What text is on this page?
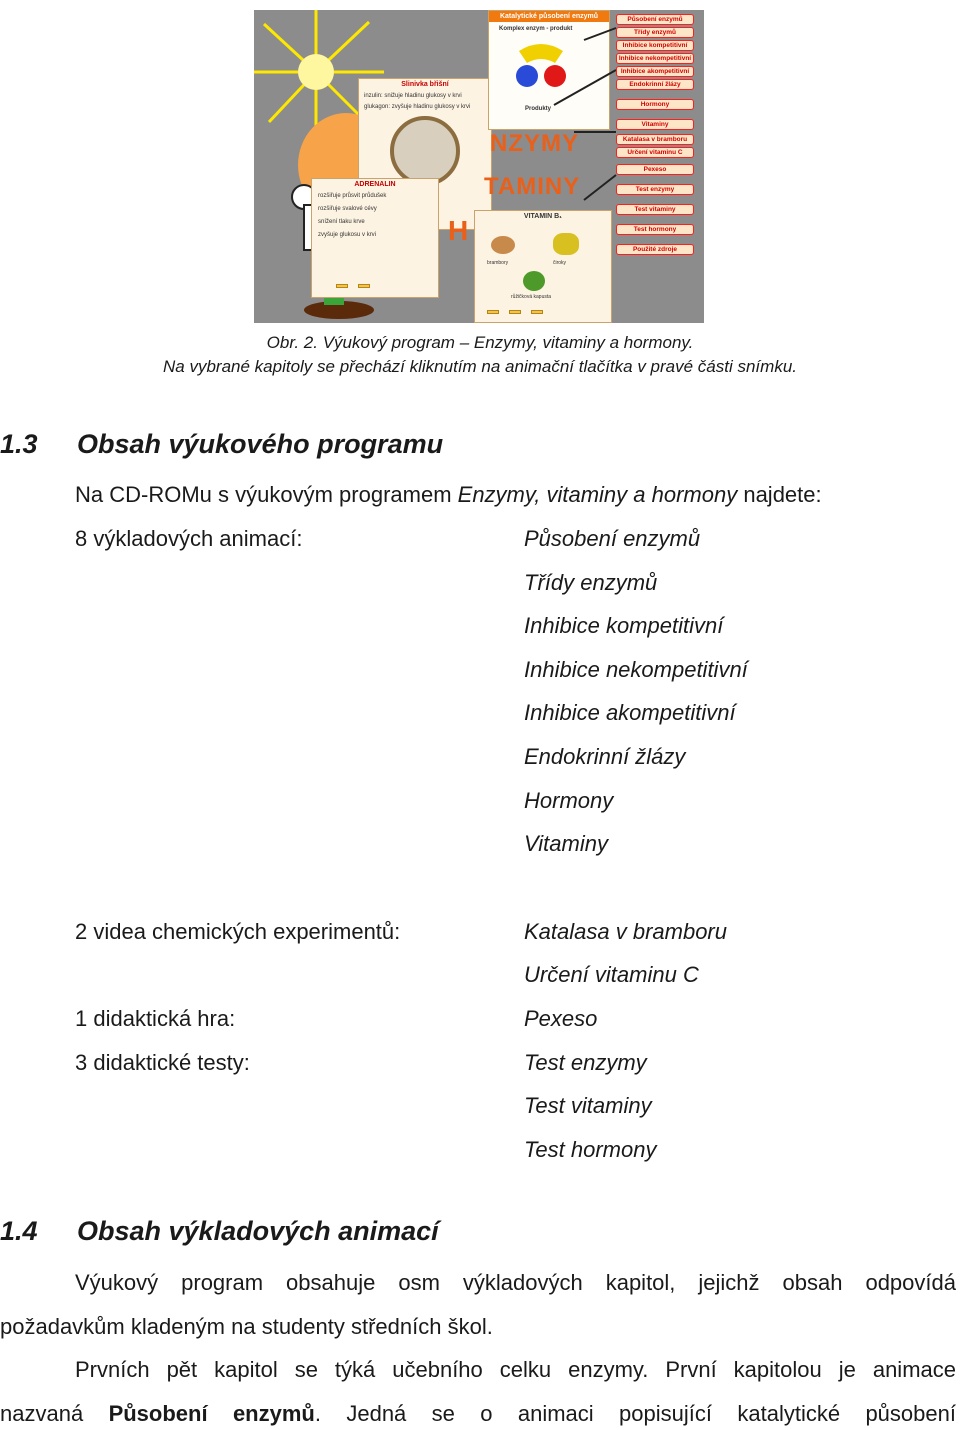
Slinivka břišní
inzulin: snižuje hladinu glukosy v krvi
glukagon: zvyšuje hladinu glukosy v krvi
ADRENALIN
rozšiřuje průsvit průdušek
rozšiřuje svalové cévy
snížení tlaku krve
zvyšuje glukosu v krvi
Katalytické působení enzymů
Komplex enzym - produkt
Produkty
NZYMY
TAMINY
H	VITAMIN B₁
brambory	čiroky
růžičková kapusta
Působení enzymů
Třídy enzymů
Inhibice kompetitivní
Inhibice nekompetitivní
Inhibice akompetitivní
Endokrinní žlázy
Hormony
Vitaminy
Katalasa v bramboru
Určení vitaminu C
Pexeso
Test enzymy
Test vitaminy
Test hormony
Použité zdroje
Obr. 2. Výukový program – Enzymy, vitaminy a hormony.
Na vybrané kapitoly se přechází kliknutím na animační tlačítka v pravé části snímku.
1.3 Obsah výukového programu
Na CD-ROMu s výukovým programem Enzymy, vitaminy a hormony najdete:
8 výkladových animací:	Působení enzymů
Třídy enzymů
Inhibice kompetitivní
Inhibice nekompetitivní
Inhibice akompetitivní
Endokrinní žlázy
Hormony
Vitaminy
2 videa chemických experimentů:	Katalasa v bramboru
Určení vitaminu C
1 didaktická hra:	Pexeso
3 didaktické testy:	Test enzymy
Test vitaminy
Test hormony
1.4 Obsah výkladových animací
Výukový program obsahuje osm výkladových kapitol, jejichž obsah odpovídá
požadavkům kladeným na studenty středních škol.
Prvních pět kapitol se týká učebního celku enzymy. První kapitolou je animace
nazvaná Působení enzymů. Jedná se o animaci popisující katalytické působení
